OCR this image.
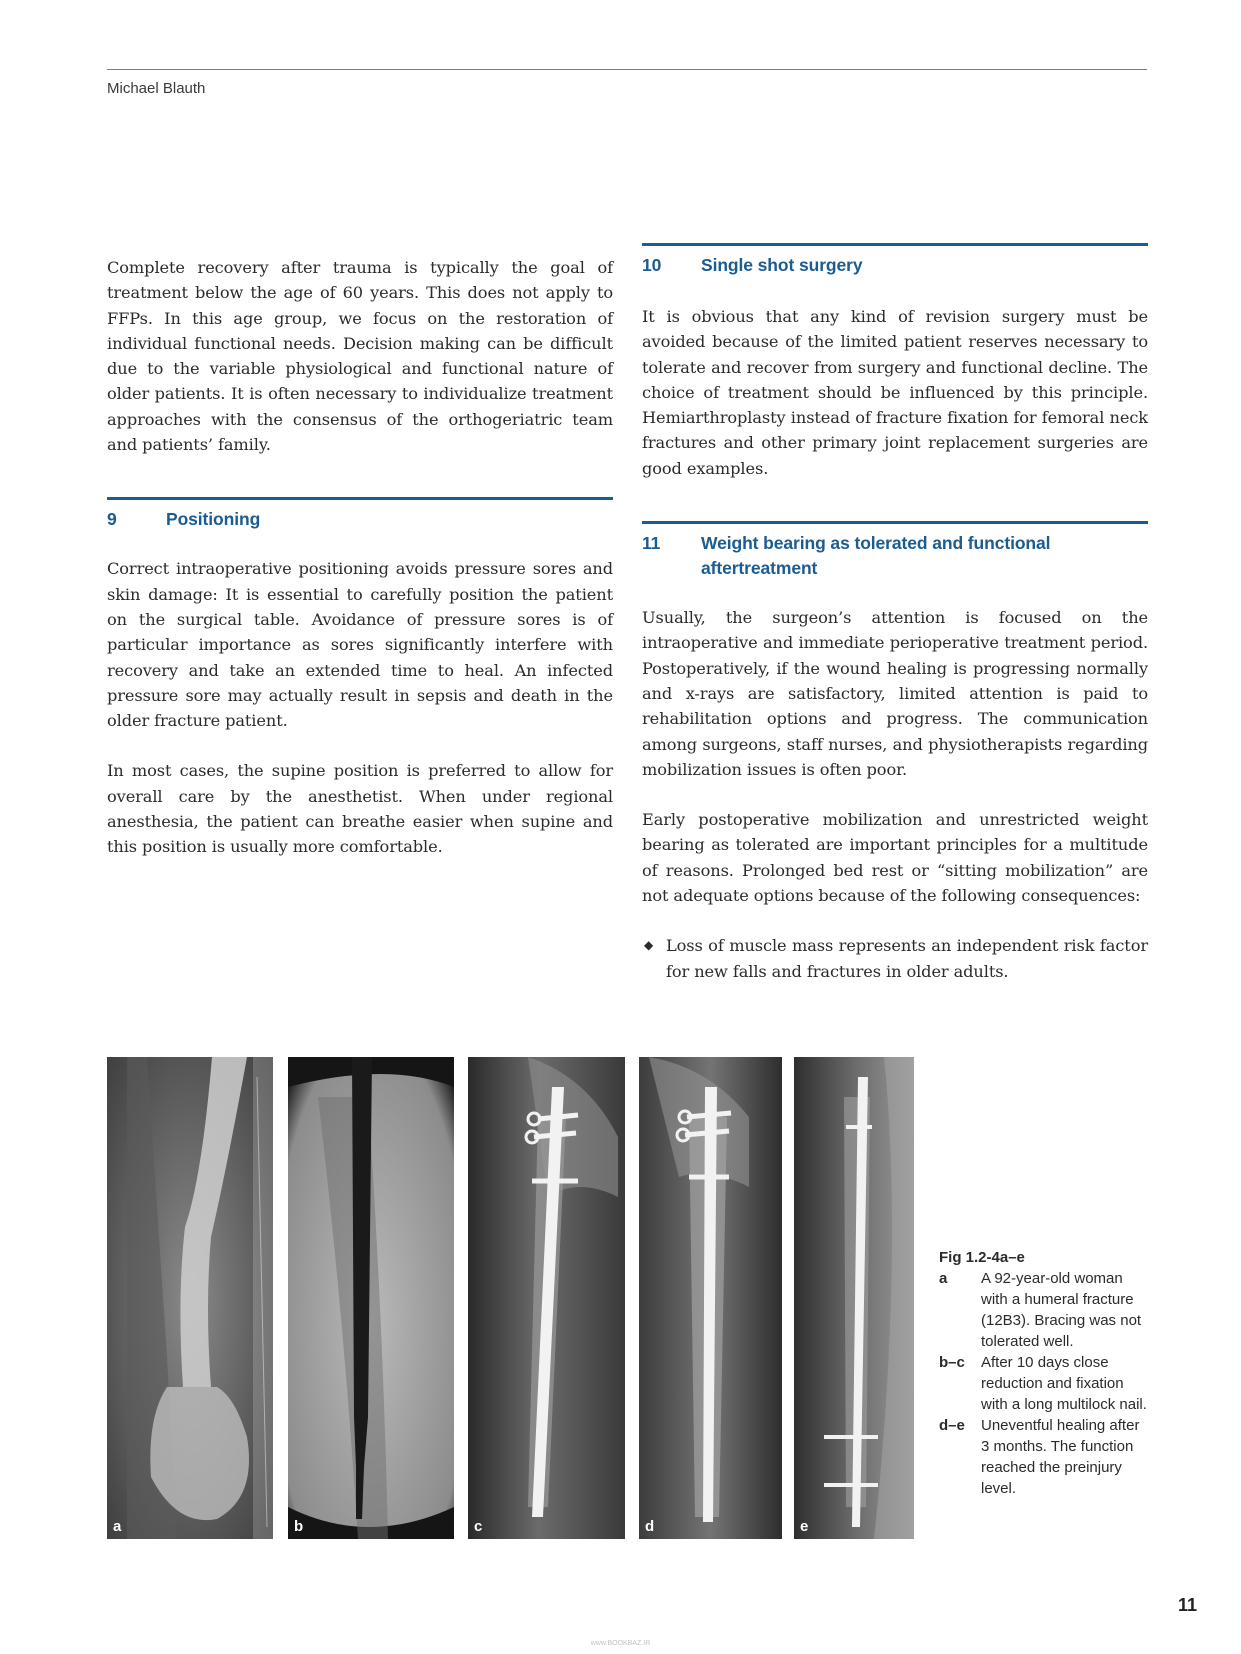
Michael Blauth

Complete recovery after trauma is typically the goal of treatment below the age of 60 years. This does not apply to FFPs. In this age group, we focus on the restoration of individual functional needs. Decision making can be difficult due to the variable physiological and functional nature of older patients. It is often necessary to individualize treatment approaches with the consensus of the orthogeriatric team and patients’ family.

9	Positioning

Correct intraoperative positioning avoids pressure sores and skin damage: It is essential to carefully position the patient on the surgical table. Avoidance of pressure sores is of particular importance as sores significantly interfere with recovery and take an extended time to heal. An infected pressure sore may actually result in sepsis and death in the older fracture patient.

In most cases, the supine position is preferred to allow for overall care by the anesthetist. When under regional anesthesia, the patient can breathe easier when supine and this position is usually more comfortable.

10	Single shot surgery

It is obvious that any kind of revision surgery must be avoided because of the limited patient reserves necessary to tolerate and recover from surgery and functional decline. The choice of treatment should be influenced by this principle. Hemiarthroplasty instead of fracture fixation for femoral neck fractures and other primary joint replacement surgeries are good examples.

11	Weight bearing as tolerated and functional aftertreatment

Usually, the surgeon’s attention is focused on the intraoperative and immediate perioperative treatment period. Postoperatively, if the wound healing is progressing normally and x-rays are satisfactory, limited attention is paid to rehabilitation options and progress. The communication among surgeons, staff nurses, and physiotherapists regarding mobilization issues is often poor.

Early postoperative mobilization and unrestricted weight bearing as tolerated are important principles for a multitude of reasons. Prolonged bed rest or “sitting mobilization” are not adequate options because of the following consequences:

◆ Loss of muscle mass represents an independent risk factor for new falls and fractures in older adults.
a	b	c	d	e
Fig 1.2-4a–e
a	A 92-year-old woman with a humeral fracture (12B3). Bracing was not tolerated well.
b–c	After 10 days close reduction and fixation with a long multilock nail.
d–e	Uneventful healing after 3 months. The function reached the preinjury level.
11
www.BOOKBAZ.IR
